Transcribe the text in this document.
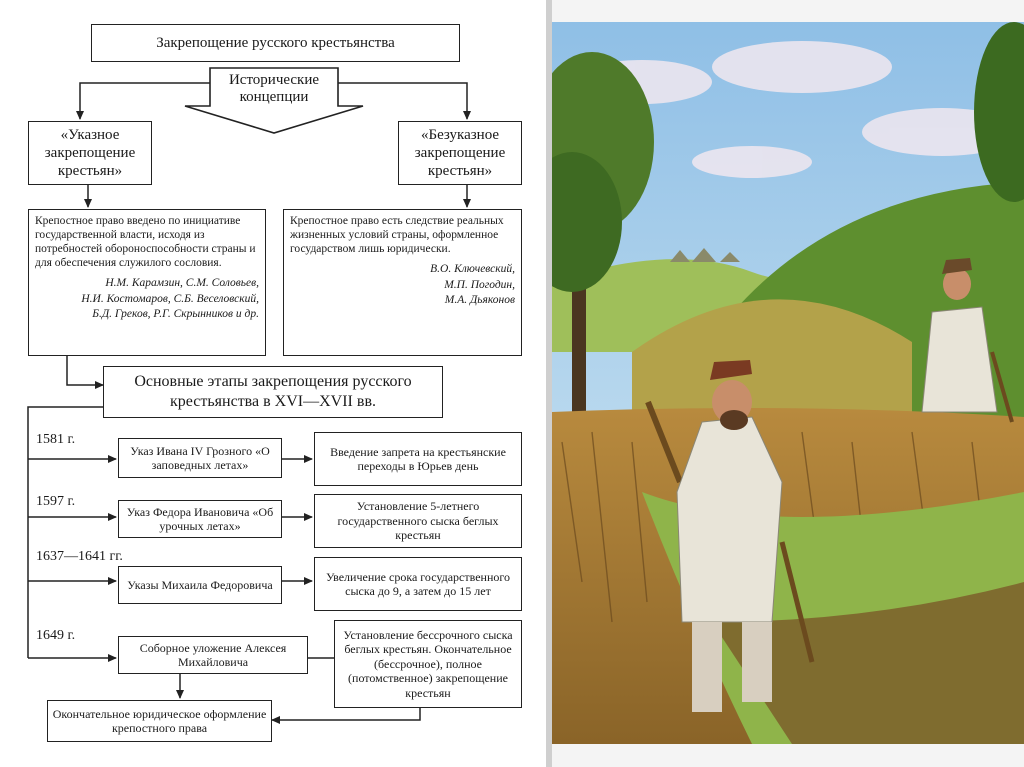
Закрепощение русского крестьянства
Исторические концепции
«Указное закрепощение крестьян»
«Безуказное закрепощение крестьян»
Крепостное право введено по инициативе государственной власти, исходя из потребностей обороноспособности страны и для обеспечения служилого сословия.
Н.М. Карамзин, С.М. Соловьев,
Н.И. Костомаров, С.Б. Веселовский,
Б.Д. Греков, Р.Г. Скрынников и др.
Крепостное право есть следствие реальных жизненных условий страны, оформленное государством лишь юридически.
В.О. Ключевский,
М.П. Погодин,
М.А. Дьяконов
Основные этапы закрепощения русского крестьянства в XVI—XVII вв.
1581 г.
1597 г.
1637—1641 гг.
1649 г.
Указ Ивана IV Грозного «О заповедных летах»
Указ Федора Ивановича «Об урочных летах»
Указы Михаила Федоровича
Соборное уложение Алексея Михайловича
Введение запрета на крестьянские переходы в Юрьев день
Установление 5-летнего государственного сыска беглых крестьян
Увеличение срока государственного сыска до 9, а затем до 15 лет
Установление бессрочного сыска беглых крестьян. Окончательное (бессрочное), полное (потомственное) закрепощение крестьян
Окончательное юридическое оформление крепостного права
